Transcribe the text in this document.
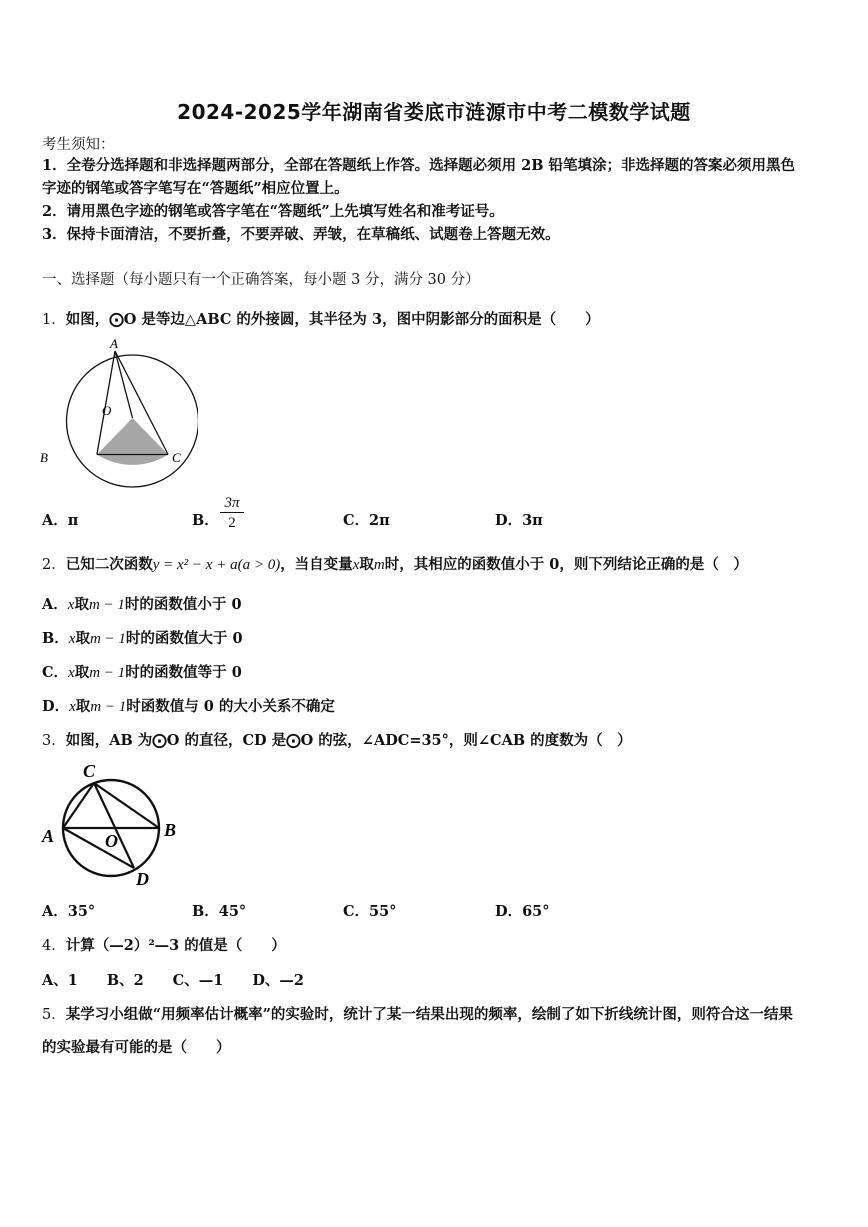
2024-2025学年湖南省娄底市涟源市中考二模数学试题
考生须知：
1．全卷分选择题和非选择题两部分，全部在答题纸上作答。选择题必须用 2B 铅笔填涂；非选择题的答案必须用黑色
字迹的钢笔或答字笔写在“答题纸”相应位置上。
2．请用黑色字迹的钢笔或答字笔在“答题纸”上先填写姓名和准考证号。
3．保持卡面清洁，不要折叠，不要弄破、弄皱，在草稿纸、试题卷上答题无效。
一、选择题（每小题只有一个正确答案，每小题 3 分，满分 30 分）
1．如图，⨀O 是等边△ABC 的外接圆，其半径为 3，图中阴影部分的面积是（　　）
A
O
B	C
A．π	B． $\frac{3\pi}{2}$	C．2π	D．3π
2．已知二次函数y = x² − x + a(a > 0)，当自变量x取m时，其相应的函数值小于 0，则下列结论正确的是（　）
A．x取m − 1时的函数值小于 0
B．x取m − 1时的函数值大于 0
C．x取m − 1时的函数值等于 0
D．x取m − 1时函数值与 0 的大小关系不确定
3．如图，AB 为⨀O 的直径，CD 是⨀O 的弦，∠ADC=35°，则∠CAB 的度数为（　）
C
A	O
B
D
A．35°	B．45°	C．55°	D．65°
4．计算（—2）²—3 的值是（　　）
A、1　　B、2　　C、—1　　D、—2
5．某学习小组做“用频率估计概率”的实验时，统计了某一结果出现的频率，绘制了如下折线统计图，则符合这一结果
的实验最有可能的是（　　）
